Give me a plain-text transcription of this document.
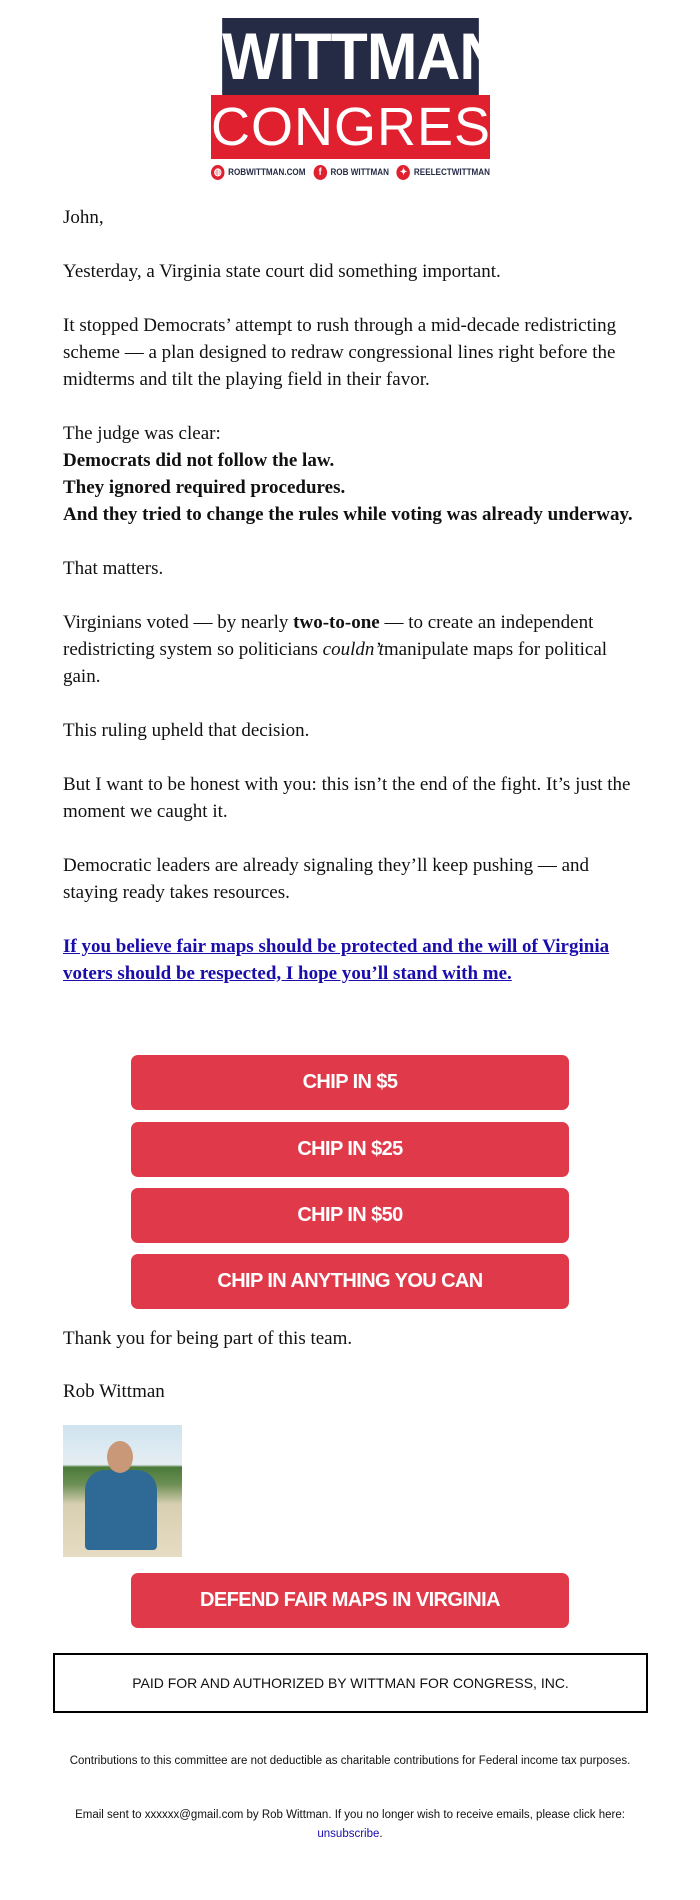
WITTMAN
CONGRESS
◍ ROBWITTMAN.COM	f ROB WITTMAN ✦ REELECTWITTMAN

John,

Yesterday, a Virginia state court did something important.

It stopped Democrats’ attempt to rush through a mid-decade redistricting scheme — a plan designed to redraw congressional lines right before the midterms and tilt the playing field in their favor.

The judge was clear:
Democrats did not follow the law.
They ignored required procedures.
And they tried to change the rules while voting was already underway.

That matters.

Virginians voted — by nearly two-to-one — to create an independent redistricting system so politicians couldn’tmanipulate maps for political gain.

This ruling upheld that decision.

But I want to be honest with you: this isn’t the end of the fight. It’s just the moment we caught it.

Democratic leaders are already signaling they’ll keep pushing — and staying ready takes resources.

If you believe fair maps should be protected and the will of Virginia voters should be respected, I hope you’ll stand with me.

CHIP IN $5
CHIP IN $25
CHIP IN $50
CHIP IN ANYTHING YOU CAN
Thank you for being part of this team.
Rob Wittman
DEFEND FAIR MAPS IN VIRGINIA
PAID FOR AND AUTHORIZED BY WITTMAN FOR CONGRESS, INC.
Contributions to this committee are not deductible as charitable contributions for Federal income tax purposes.
Email sent to xxxxxx@gmail.com by Rob Wittman. If you no longer wish to receive emails, please click here:
unsubscribe.
